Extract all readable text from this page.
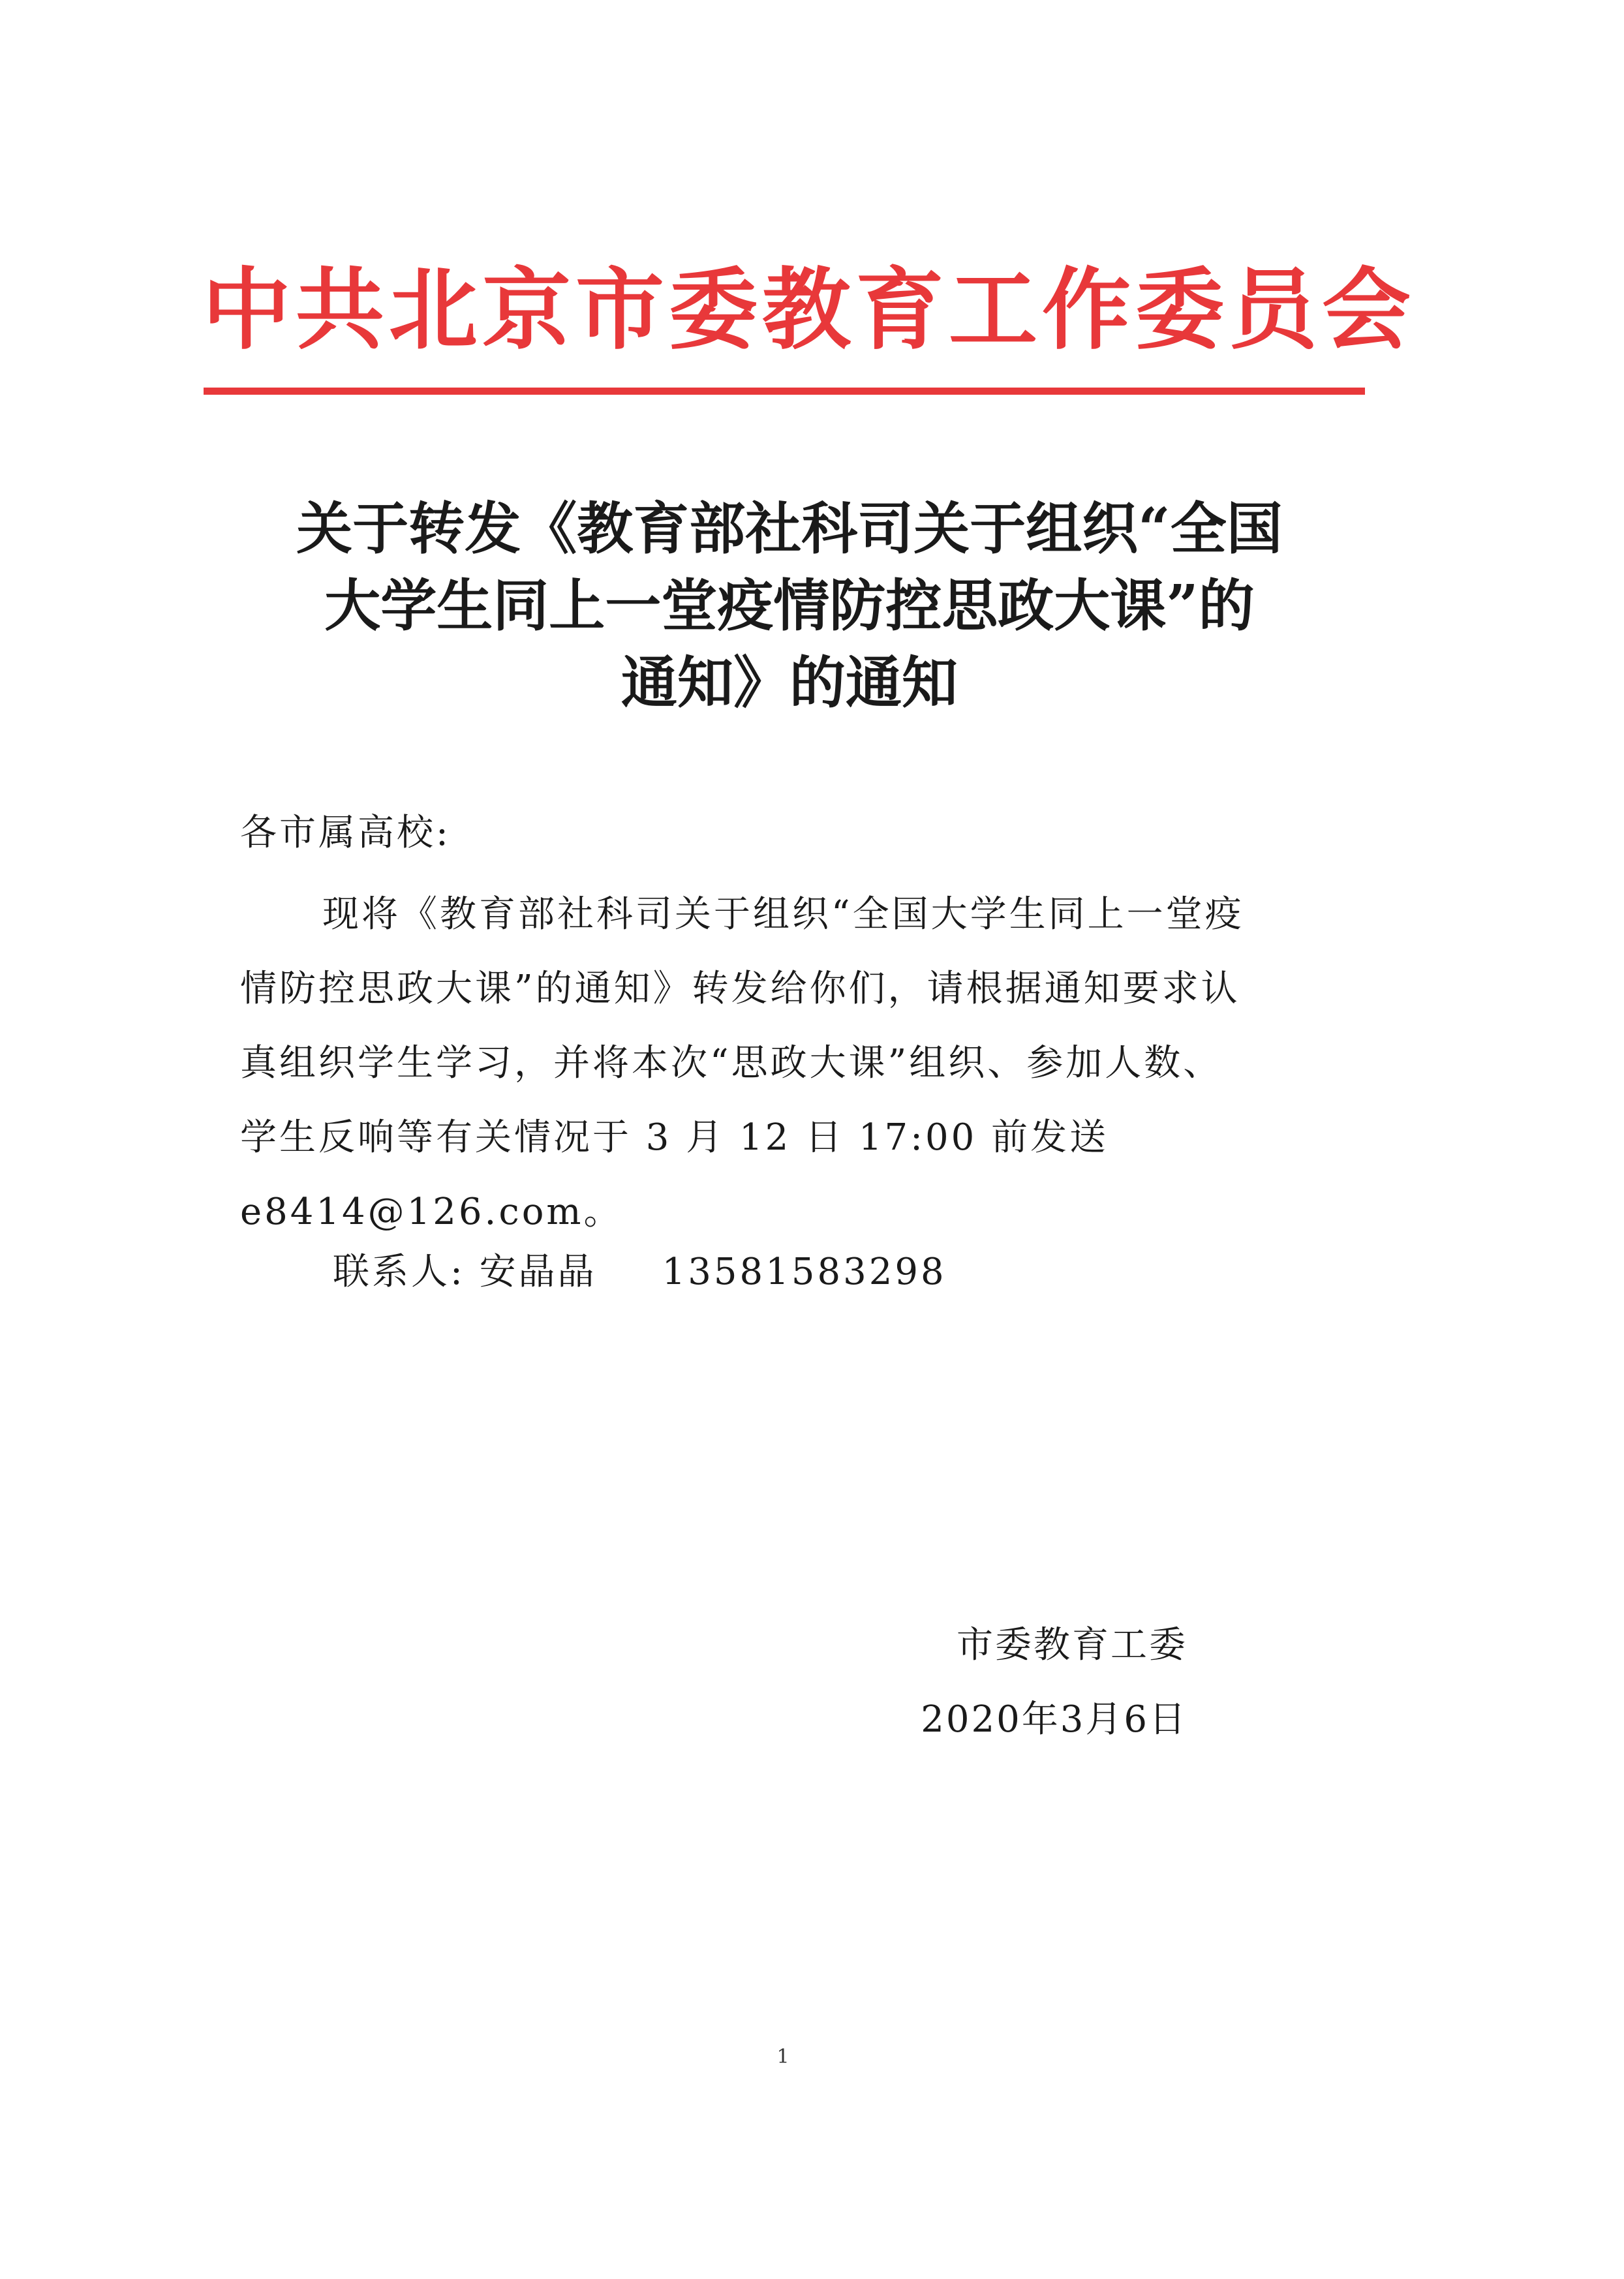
中共北京市委教育工作委员会
关于转发《教育部社科司关于组织“全国
大学生同上一堂疫情防控思政大课”的
通知》的通知
各市属高校:
现将《教育部社科司关于组织“全国大学生同上一堂疫
情防控思政大课”的通知》转发给你们，请根据通知要求认
真组织学生学习，并将本次“思政大课”组织、参加人数、
学生反响等有关情况于 3 月 12 日 17:00 前发送
e8414@126.com。
联系人: 安晶晶 13581583298
市委教育工委
2020年3月6日
1
